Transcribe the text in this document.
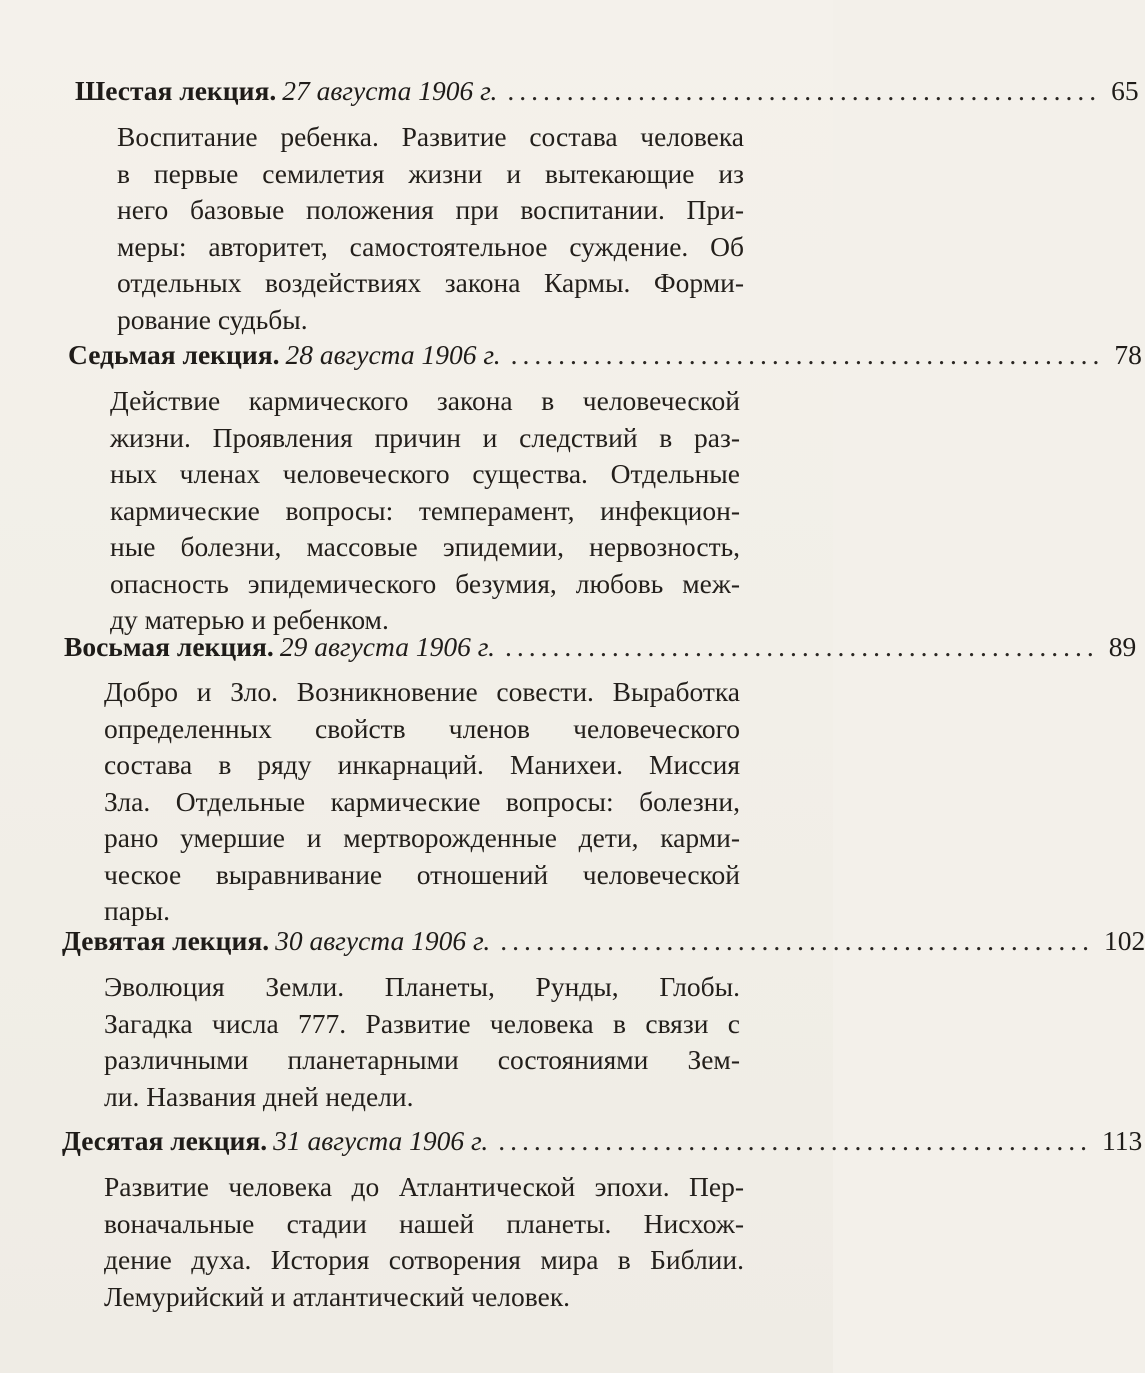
Шестая лекция. 27 августа 1906 г. .................................................. 65
Воспитание ребенка. Развитие состава человека
в первые семилетия жизни и вытекающие из
него базовые положения при воспитании. При-
меры: авторитет, самостоятельное суждение. Об
отдельных воздействиях закона Кармы. Форми-
рование судьбы.
Седьмая лекция. 28 августа 1906 г. .................................................. 78
Действие кармического закона в человеческой
жизни. Проявления причин и следствий в раз-
ных членах человеческого существа. Отдельные
кармические вопросы: темперамент, инфекцион-
ные болезни, массовые эпидемии, нервозность,
опасность эпидемического безумия, любовь меж-
ду матерью и ребенком.
Восьмая лекция. 29 августа 1906 г. .................................................. 89
Добро и Зло. Возникновение совести. Выработка
определенных свойств членов человеческого
состава в ряду инкарнаций. Манихеи. Миссия
Зла. Отдельные кармические вопросы: болезни,
рано умершие и мертворожденные дети, карми-
ческое выравнивание отношений человеческой
пары.
Девятая лекция. 30 августа 1906 г. .................................................. 102
Эволюция Земли. Планеты, Рунды, Глобы.
Загадка числа 777. Развитие человека в связи с
различными планетарными состояниями Зем-
ли. Названия дней недели.
Десятая лекция. 31 августа 1906 г. .................................................. 113
Развитие человека до Атлантической эпохи. Пер-
воначальные стадии нашей планеты. Нисхож-
дение духа. История сотворения мира в Библии.
Лемурийский и атлантический человек.
